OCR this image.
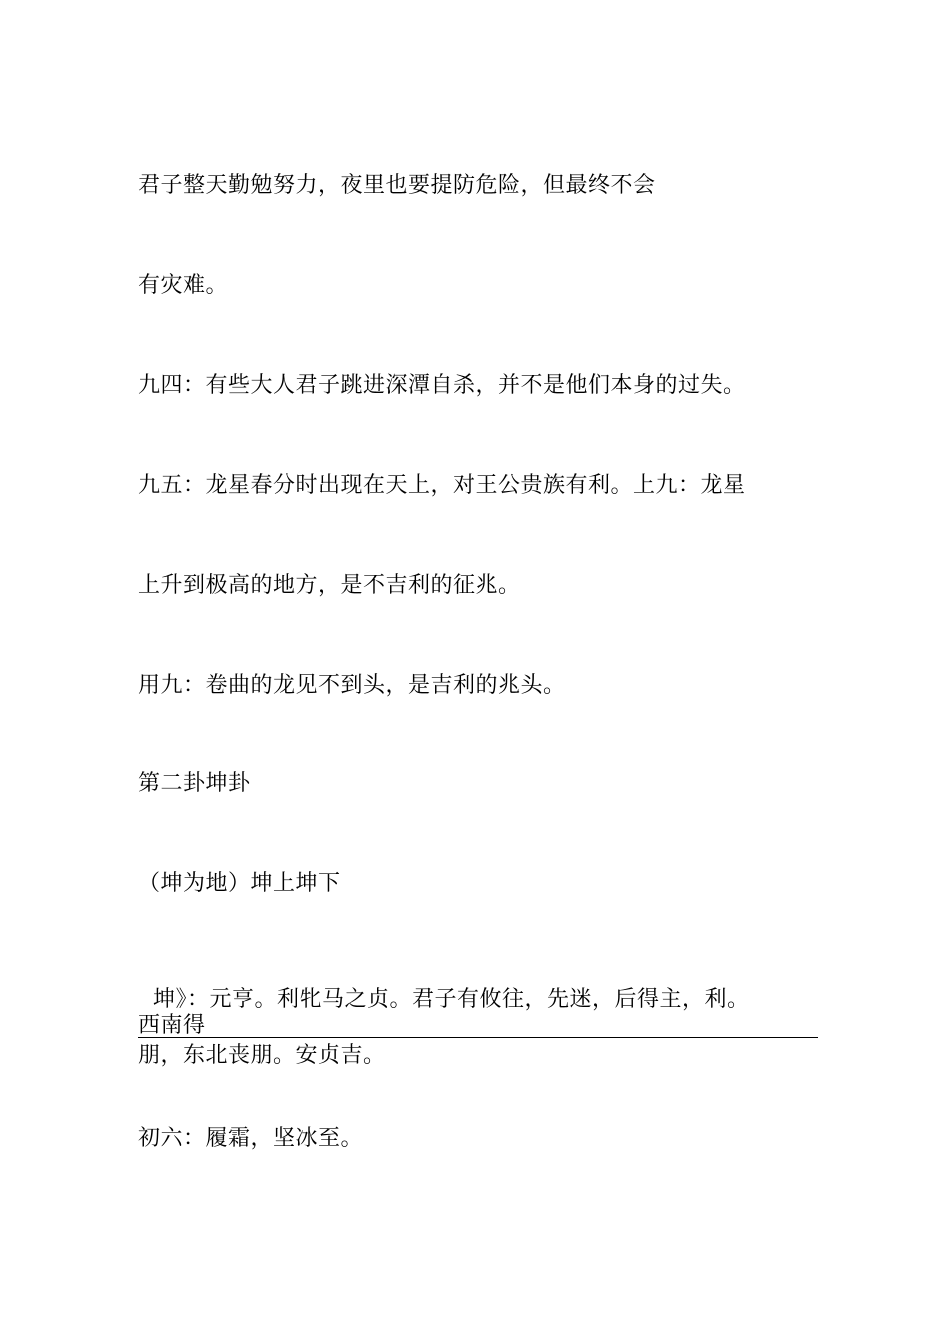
君子整天勤勉努力，夜里也要提防危险，但最终不会
有灾难。
九四：有些大人君子跳进深潭自杀，并不是他们本身的过失。
九五：龙星春分时出现在天上，对王公贵族有利。上九：龙星
上升到极高的地方，是不吉利的征兆。
用九：卷曲的龙见不到头，是吉利的兆头。
第二卦坤卦
（坤为地）坤上坤下
坤》：元亨。利牝马之贞。君子有攸往，先迷，后得主，利。
西南得
朋，东北丧朋。安贞吉。
初六：履霜，坚冰至。
